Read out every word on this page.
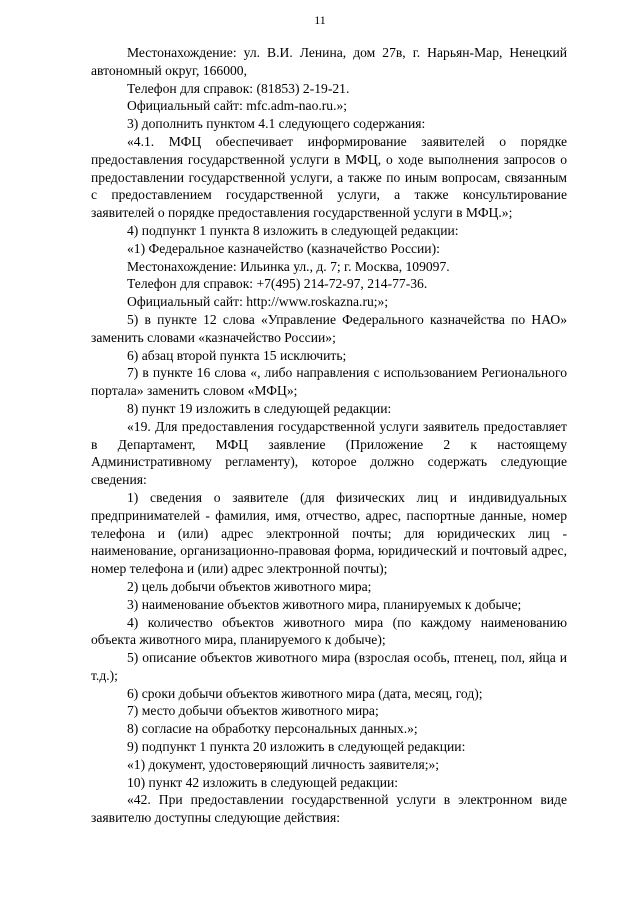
11

Местонахождение: ул. В.И. Ленина, дом 27в, г. Нарьян-Мар, Ненецкий автономный округ, 166000,

Телефон для справок: (81853) 2-19-21.

Официальный сайт: mfc.adm-nao.ru.»;

3) дополнить пунктом 4.1 следующего содержания:

«4.1. МФЦ обеспечивает информирование заявителей о порядке предоставления государственной услуги в МФЦ, о ходе выполнения запросов о предоставлении государственной услуги, а также по иным вопросам, связанным с предоставлением государственной услуги, а также консультирование заявителей о порядке предоставления государственной услуги в МФЦ.»;

4) подпункт 1 пункта 8 изложить в следующей редакции:

«1) Федеральное казначейство (казначейство России):

Местонахождение: Ильинка ул., д. 7; г. Москва, 109097.

Телефон для справок: +7(495) 214-72-97, 214-77-36.

Официальный сайт: http://www.roskazna.ru;»;

5) в пункте 12 слова «Управление Федерального казначейства по НАО» заменить словами «казначейство России»;

6) абзац второй пункта 15 исключить;

7) в пункте 16 слова «, либо направления с использованием Регионального портала» заменить словом «МФЦ»;

8) пункт 19 изложить в следующей редакции:

«19. Для предоставления государственной услуги заявитель предоставляет в Департамент, МФЦ заявление (Приложение 2 к настоящему Административному регламенту), которое должно содержать следующие сведения:

1) сведения о заявителе (для физических лиц и индивидуальных предпринимателей - фамилия, имя, отчество, адрес, паспортные данные, номер телефона и (или) адрес электронной почты; для юридических лиц - наименование, организационно-правовая форма, юридический и почтовый адрес, номер телефона и (или) адрес электронной почты);

2) цель добычи объектов животного мира;

3) наименование объектов животного мира, планируемых к добыче;

4) количество объектов животного мира (по каждому наименованию объекта животного мира, планируемого к добыче);

5) описание объектов животного мира (взрослая особь, птенец, пол, яйца и т.д.);

6) сроки добычи объектов животного мира (дата, месяц, год);

7) место добычи объектов животного мира;

8) согласие на обработку персональных данных.»;

9) подпункт 1 пункта 20 изложить в следующей редакции:

«1) документ, удостоверяющий личность заявителя;»;

10) пункт 42 изложить в следующей редакции:

«42. При предоставлении государственной услуги в электронном виде заявителю доступны следующие действия:
